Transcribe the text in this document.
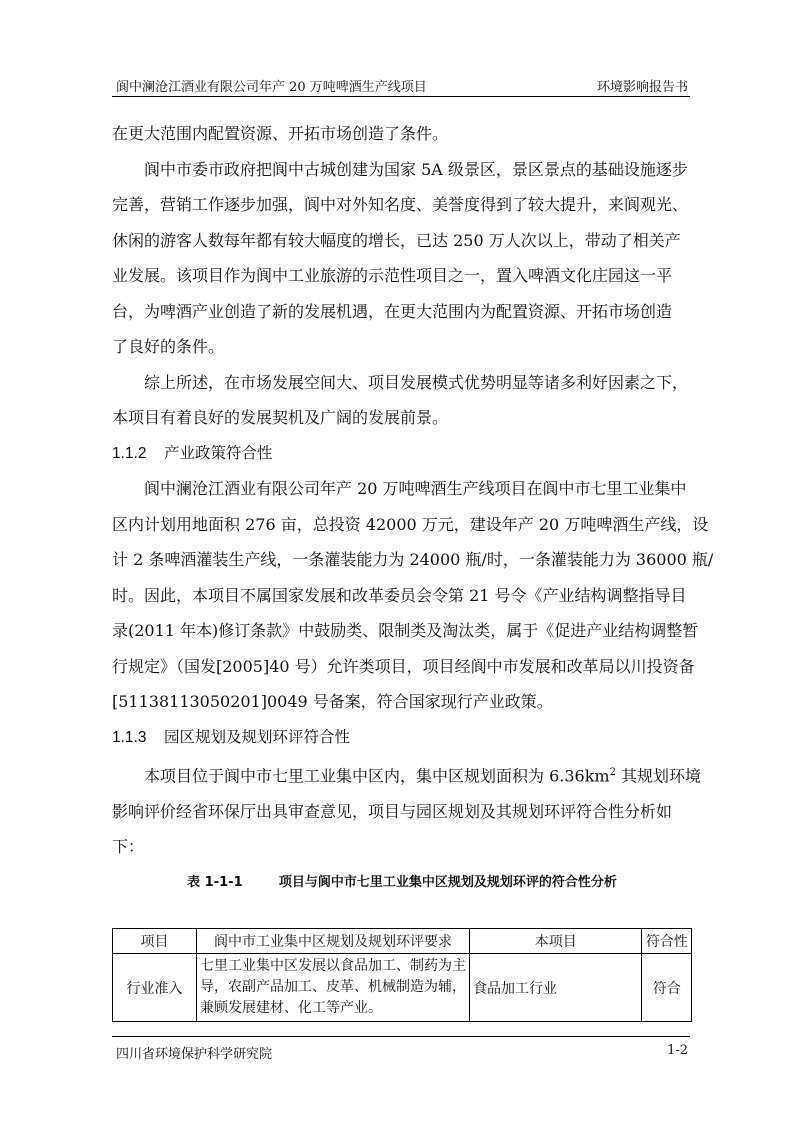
阆中澜沧江酒业有限公司年产 20 万吨啤酒生产线项目	环境影响报告书
在更大范围内配置资源、开拓市场创造了条件。
阆中市委市政府把阆中古城创建为国家 5A 级景区，景区景点的基础设施逐步
完善，营销工作逐步加强，阆中对外知名度、美誉度得到了较大提升，来阆观光、
休闲的游客人数每年都有较大幅度的增长，已达 250 万人次以上，带动了相关产
业发展。该项目作为阆中工业旅游的示范性项目之一，置入啤酒文化庄园这一平
台，为啤酒产业创造了新的发展机遇，在更大范围内为配置资源、开拓市场创造
了良好的条件。
综上所述，在市场发展空间大、项目发展模式优势明显等诸多利好因素之下，
本项目有着良好的发展契机及广阔的发展前景。
1.1.2 产业政策符合性
阆中澜沧江酒业有限公司年产 20 万吨啤酒生产线项目在阆中市七里工业集中
区内计划用地面积 276 亩，总投资 42000 万元，建设年产 20 万吨啤酒生产线，设
计 2 条啤酒灌装生产线，一条灌装能力为 24000 瓶/时，一条灌装能力为 36000 瓶/
时。因此，本项目不属国家发展和改革委员会令第 21 号令《产业结构调整指导目
录(2011 年本)修订条款》中鼓励类、限制类及淘汰类，属于《促进产业结构调整暂
行规定》（国发[2005]40 号）允许类项目，项目经阆中市发展和改革局以川投资备
[51138113050201]0049 号备案，符合国家现行产业政策。
1.1.3 园区规划及规划环评符合性
本项目位于阆中市七里工业集中区内，集中区规划面积为 $6.36km^2$ 其规划环境
影响评价经省环保厅出具审查意见，项目与园区规划及其规划环评符合性分析如
下：
表 1-1-1        项目与阆中市七里工业集中区规划及规划环评的符合性分析
项目	阆中市工业集中区规划及规划环评要求	本项目	符合性
行业准入	七里工业集中区发展以食品加工、制药为主
导，农副产品加工、皮革、机械制造为辅，
兼顾发展建材、化工等产业。	食品加工行业	符合
四川省环境保护科学研究院	1-2
